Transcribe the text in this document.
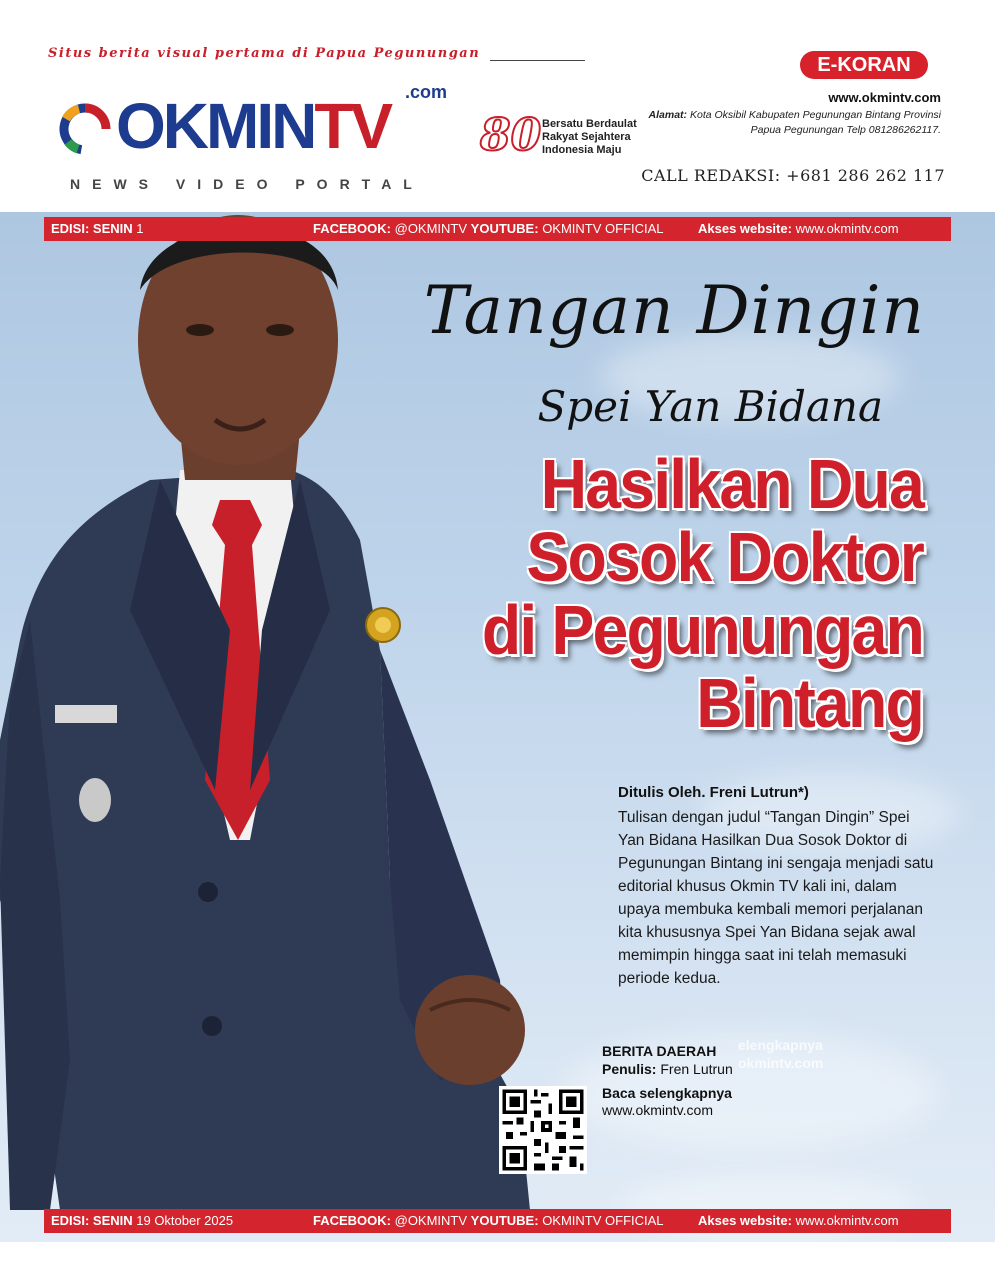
Situs berita visual pertama di Papua Pegunungan
OKMINTV .com
NEWS VIDEO PORTAL
80 Bersatu Berdaulat Rakyat Sejahtera Indonesia Maju
E-KORAN
www.okmintv.com
Alamat: Kota Oksibil Kabupaten Pegunungan Bintang Provinsi Papua Pegunungan Telp 081286262117.
CALL REDAKSI: +681 286 262 117
EDISI: SENIN 1	FACEBOOK: @OKMINTV YOUTUBE: OKMINTV OFFICIAL	Akses website: www.okmintv.com
Tangan Dingin
Spei Yan Bidana
Hasilkan Dua
Sosok Doktor
di Pegunungan
Bintang
Ditulis Oleh. Freni Lutrun*)
Tulisan dengan judul “Tangan Dingin” Spei Yan Bidana Hasilkan Dua Sosok Doktor di Pegunungan Bintang ini sengaja menjadi satu editorial khusus Okmin TV kali ini, dalam upaya membuka kembali memori perjalanan kita khususnya Spei Yan Bidana sejak awal memimpin hingga saat ini telah memasuki periode kedua.
elengkapnya
okmintv.com
BERITA DAERAH
Penulis: Fren Lutrun
Baca selengkapnya
www.okmintv.com
EDISI: SENIN 19 Oktober 2025	FACEBOOK: @OKMINTV YOUTUBE: OKMINTV OFFICIAL	Akses website: www.okmintv.com
